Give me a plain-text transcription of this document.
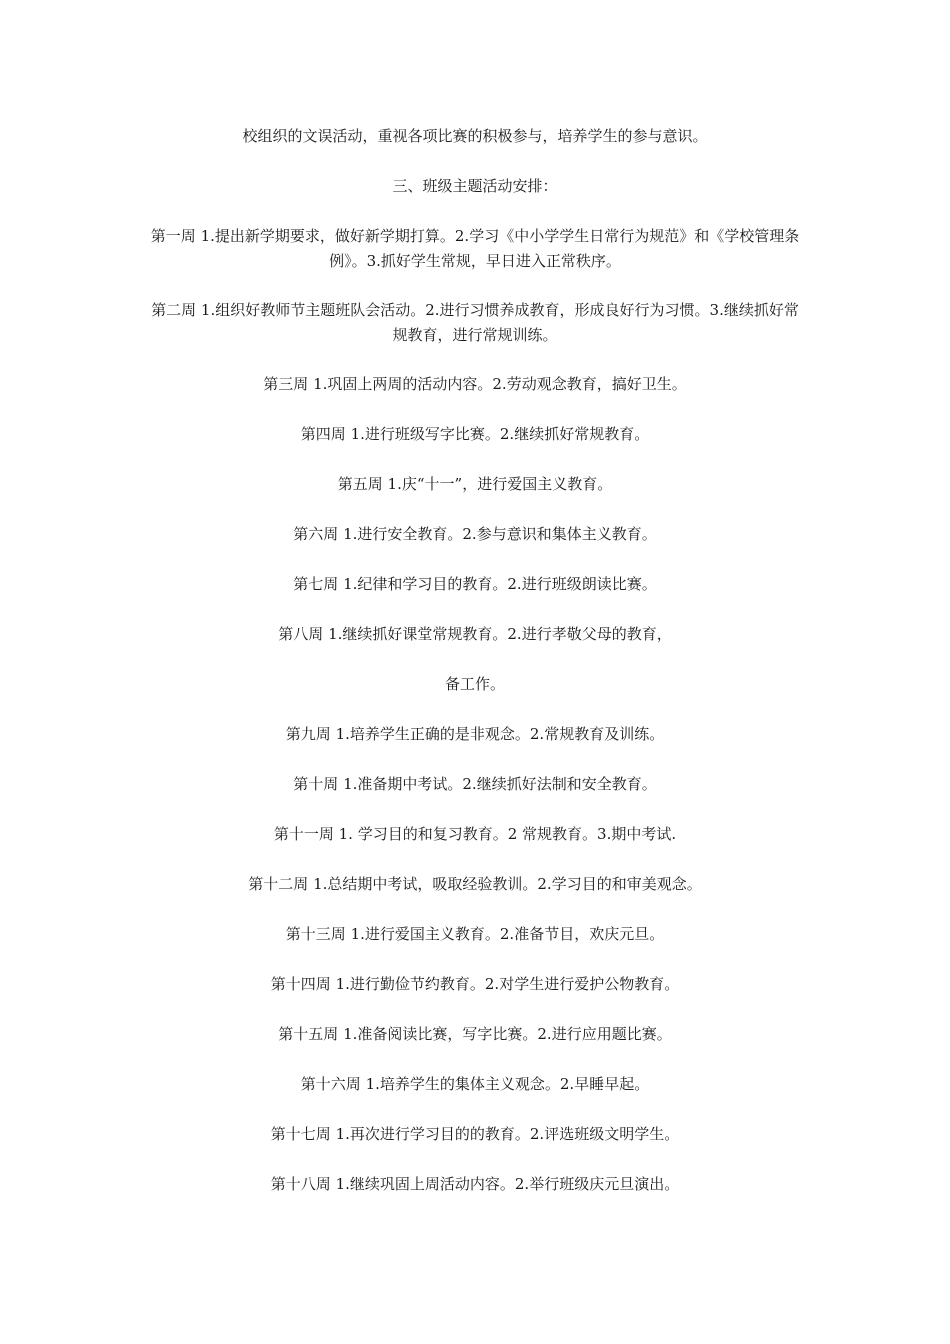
校组织的文误活动，重视各项比赛的积极参与，培养学生的参与意识。

三、班级主题活动安排：

第一周 1.提出新学期要求，做好新学期打算。2.学习《中小学学生日常行为规范》和《学校管理条例》。3.抓好学生常规，早日进入正常秩序。

第二周 1.组织好教师节主题班队会活动。2.进行习惯养成教育，形成良好行为习惯。3.继续抓好常规教育，进行常规训练。

第三周 1.巩固上两周的活动内容。2.劳动观念教育，搞好卫生。

第四周 1.进行班级写字比赛。2.继续抓好常规教育。

第五周 1.庆“十一”，进行爱国主义教育。

第六周 1.进行安全教育。2.参与意识和集体主义教育。

第七周 1.纪律和学习目的教育。2.进行班级朗读比赛。

第八周 1.继续抓好课堂常规教育。2.进行孝敬父母的教育，

备工作。

第九周 1.培养学生正确的是非观念。2.常规教育及训练。

第十周 1.准备期中考试。2.继续抓好法制和安全教育。

第十一周 1. 学习目的和复习教育。2 常规教育。3.期中考试.

第十二周 1.总结期中考试，吸取经验教训。2.学习目的和审美观念。

第十三周 1.进行爱国主义教育。2.准备节目，欢庆元旦。

第十四周 1.进行勤俭节约教育。2.对学生进行爱护公物教育。

第十五周 1.准备阅读比赛，写字比赛。2.进行应用题比赛。

第十六周 1.培养学生的集体主义观念。2.早睡早起。

第十七周 1.再次进行学习目的的教育。2.评选班级文明学生。

第十八周 1.继续巩固上周活动内容。2.举行班级庆元旦演出。
